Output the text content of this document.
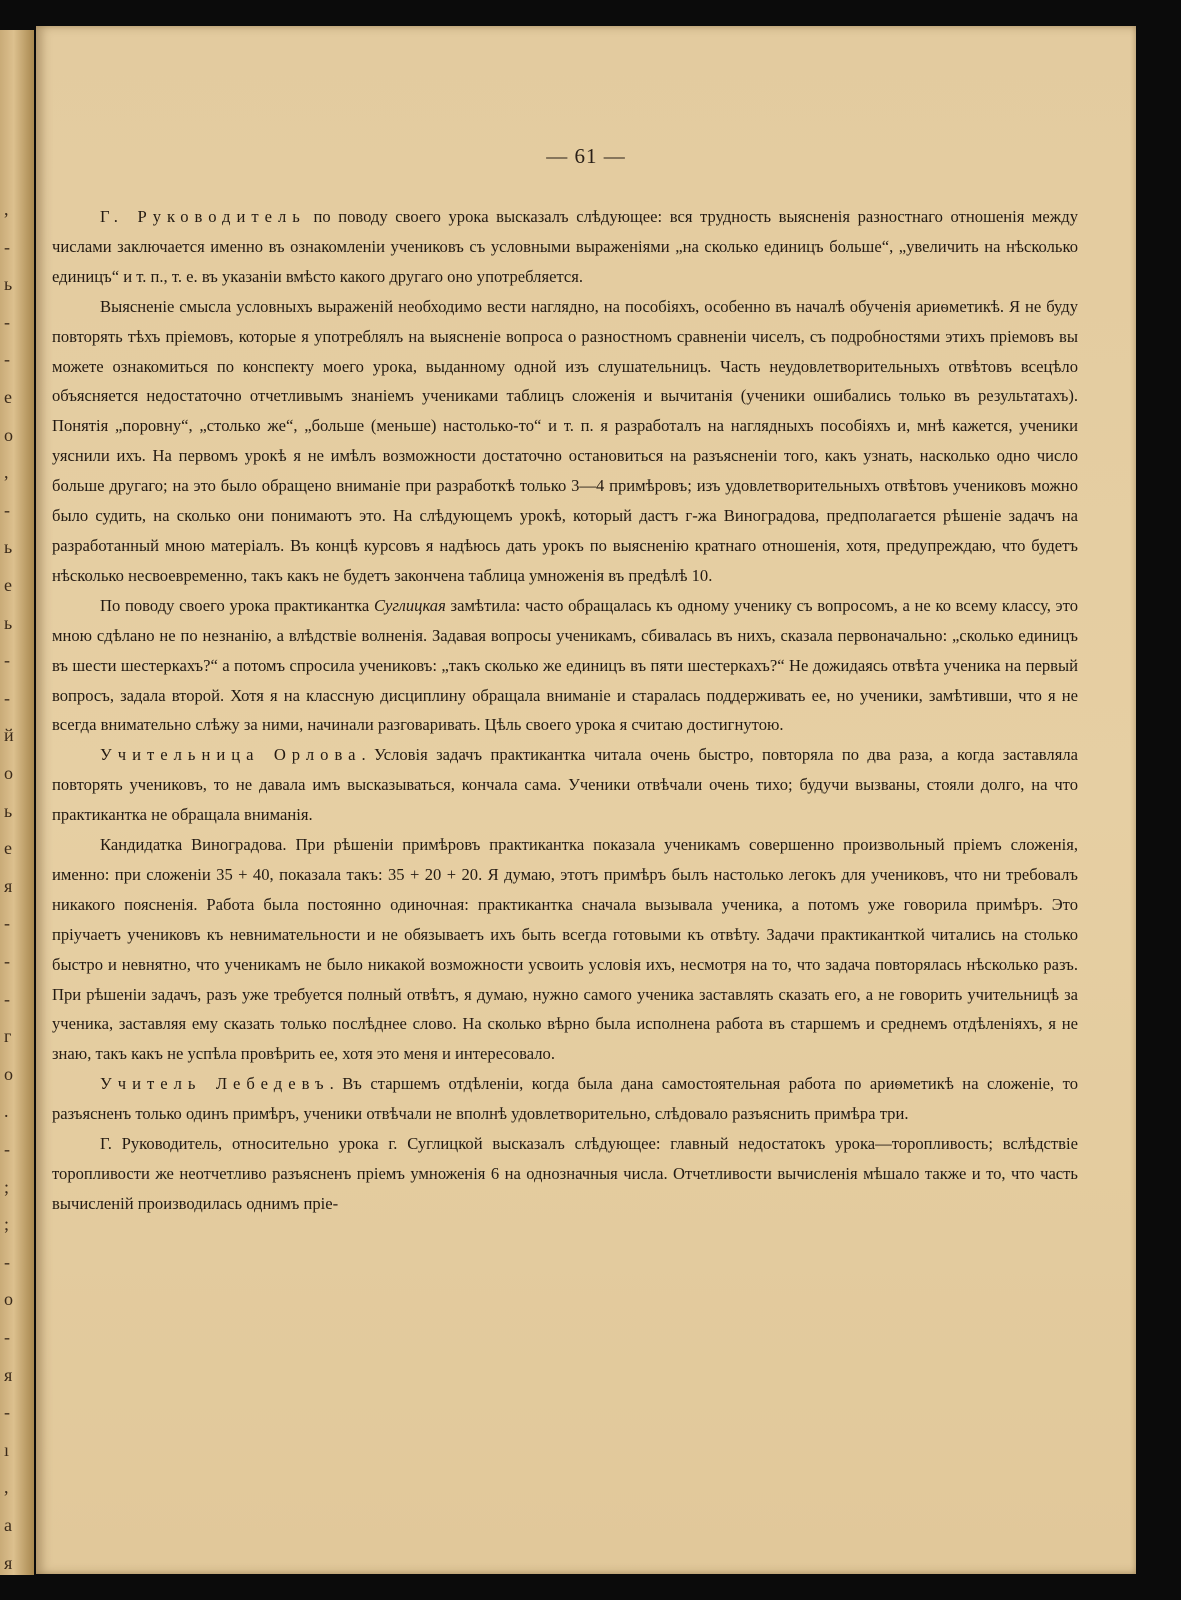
,
-
ь
-
-
е
о
,
-
ь
е
ь
-
-
й
о
ь
е
я
-
-
-
г
о
.
-
;
;
-
о
-
я
-
ı
,
а
я
— 61 —

Г. Руководитель по поводу своего урока высказалъ слѣдующее: вся трудность выясненія разностнаго отношенія между числами заключается именно въ ознакомленіи учениковъ съ условными выраженіями „на сколько единицъ больше“, „увеличить на нѣсколько единицъ“ и т. п., т. е. въ указаніи вмѣсто какого другаго оно употребляется.

Выясненіе смысла условныхъ выраженій необходимо вести наглядно, на пособіяхъ, особенно въ началѣ обученія ариѳметикѣ. Я не буду повторять тѣхъ пріемовъ, которые я употреблялъ на выясненіе вопроса о разностномъ сравненіи чиселъ, съ подробностями этихъ пріемовъ вы можете ознакомиться по конспекту моего урока, выданному одной изъ слушательницъ. Часть неудовлетворительныхъ отвѣтовъ всецѣло объясняется недостаточно отчетливымъ знаніемъ учениками таблицъ сложенія и вычитанія (ученики ошибались только въ результатахъ). Понятія „поровну“, „столько же“, „больше (меньше) настолько-то“ и т. п. я разработалъ на наглядныхъ пособіяхъ и, мнѣ кажется, ученики уяснили ихъ. На первомъ урокѣ я не имѣлъ возможности достаточно остановиться на разъясненіи того, какъ узнать, насколько одно число больше другаго; на это было обращено вниманіе при разработкѣ только 3—4 примѣровъ; изъ удовлетворительныхъ отвѣтовъ учениковъ можно было судить, на сколько они понимаютъ это. На слѣдующемъ урокѣ, который дастъ г-жа Виноградова, предполагается рѣшеніе задачъ на разработанный мною матеріалъ. Въ концѣ курсовъ я надѣюсь дать урокъ по выясненію кратнаго отношенія, хотя, предупреждаю, что будетъ нѣсколько несвоевременно, такъ какъ не будетъ закончена таблица умноженія въ предѣлѣ 10.

По поводу своего урока практикантка Суглицкая замѣтила: часто обращалась къ одному ученику съ вопросомъ, а не ко всему классу, это мною сдѣлано не по незнанію, а влѣдствіе волненія. Задавая вопросы ученикамъ, сбивалась въ нихъ, сказала первоначально: „сколько единицъ въ шести шестеркахъ?“ а потомъ спросила учениковъ: „такъ сколько же единицъ въ пяти шестеркахъ?“ Не дожидаясь отвѣта ученика на первый вопросъ, задала второй. Хотя я на классную дисциплину обращала вниманіе и старалась поддерживать ее, но ученики, замѣтивши, что я не всегда внимательно слѣжу за ними, начинали разговаривать. Цѣль своего урока я считаю достигнутою.

Учительница Орлова. Условія задачъ практикантка читала очень быстро, повторяла по два раза, а когда заставляла повторять учениковъ, то не давала имъ высказываться, кончала сама. Ученики отвѣчали очень тихо; будучи вызваны, стояли долго, на что практикантка не обращала вниманія.

Кандидатка Виноградова. При рѣшеніи примѣровъ практикантка показала ученикамъ совершенно произвольный пріемъ сложенія, именно: при сложеніи 35 + 40, показала такъ: 35 + 20 + 20. Я думаю, этотъ примѣръ былъ настолько легокъ для учениковъ, что ни требовалъ никакого поясненія. Работа была постоянно одиночная: практикантка сначала вызывала ученика, а потомъ уже говорила примѣръ. Это пріучаетъ учениковъ къ невнимательности и не обязываетъ ихъ быть всегда готовыми къ отвѣту. Задачи практиканткой читались на столько быстро и невнятно, что ученикамъ не было никакой возможности усвоить условія ихъ, несмотря на то, что задача повторялась нѣсколько разъ. При рѣшеніи задачъ, разъ уже требуется полный отвѣтъ, я думаю, нужно самого ученика заставлять сказать его, а не говорить учительницѣ за ученика, заставляя ему сказать только послѣднее слово. На сколько вѣрно была исполнена работа въ старшемъ и среднемъ отдѣленіяхъ, я не знаю, такъ какъ не успѣла провѣрить ее, хотя это меня и интересовало.

Учитель Лебедевъ. Въ старшемъ отдѣленіи, когда была дана самостоятельная работа по ариѳметикѣ на сложеніе, то разъясненъ только одинъ примѣръ, ученики отвѣчали не вполнѣ удовлетворительно, слѣдовало разъяснить примѣра три.

Г. Руководитель, относительно урока г. Суглицкой высказалъ слѣдующее: главный недостатокъ урока—торопливость; вслѣдствіе торопливости же неотчетливо разъясненъ пріемъ умноженія 6 на однозначныя числа. Отчетливости вычисленія мѣшало также и то, что часть вычисленій производилась однимъ пріе-
